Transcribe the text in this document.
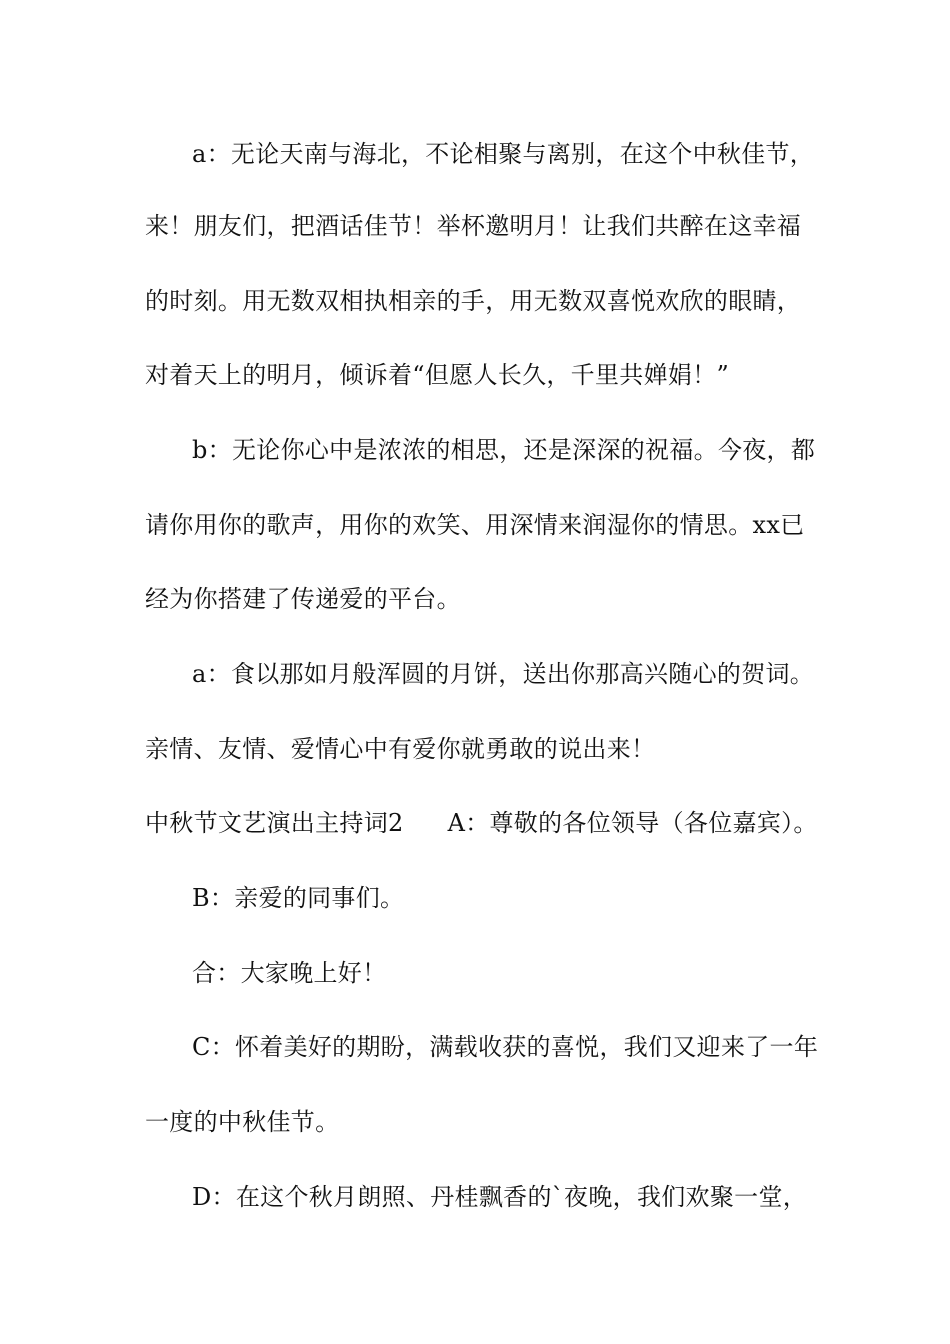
a：无论天南与海北，不论相聚与离别，在这个中秋佳节，
来！朋友们，把酒话佳节！举杯邀明月！让我们共醉在这幸福
的时刻。用无数双相执相亲的手，用无数双喜悦欢欣的眼睛，
对着天上的明月，倾诉着“但愿人长久，千里共婵娟！”
b：无论你心中是浓浓的相思，还是深深的祝福。今夜，都
请你用你的歌声，用你的欢笑、用深情来润湿你的情思。xx已
经为你搭建了传递爱的平台。
a：食以那如月般浑圆的月饼，送出你那高兴随心的贺词。
亲情、友情、爱情心中有爱你就勇敢的说出来！
中秋节文艺演出主持词2 A：尊敬的各位领导（各位嘉宾）。
B：亲爱的同事们。
合：大家晚上好！
C：怀着美好的期盼，满载收获的喜悦，我们又迎来了一年
一度的中秋佳节。
D：在这个秋月朗照、丹桂飘香的`夜晚，我们欢聚一堂，
